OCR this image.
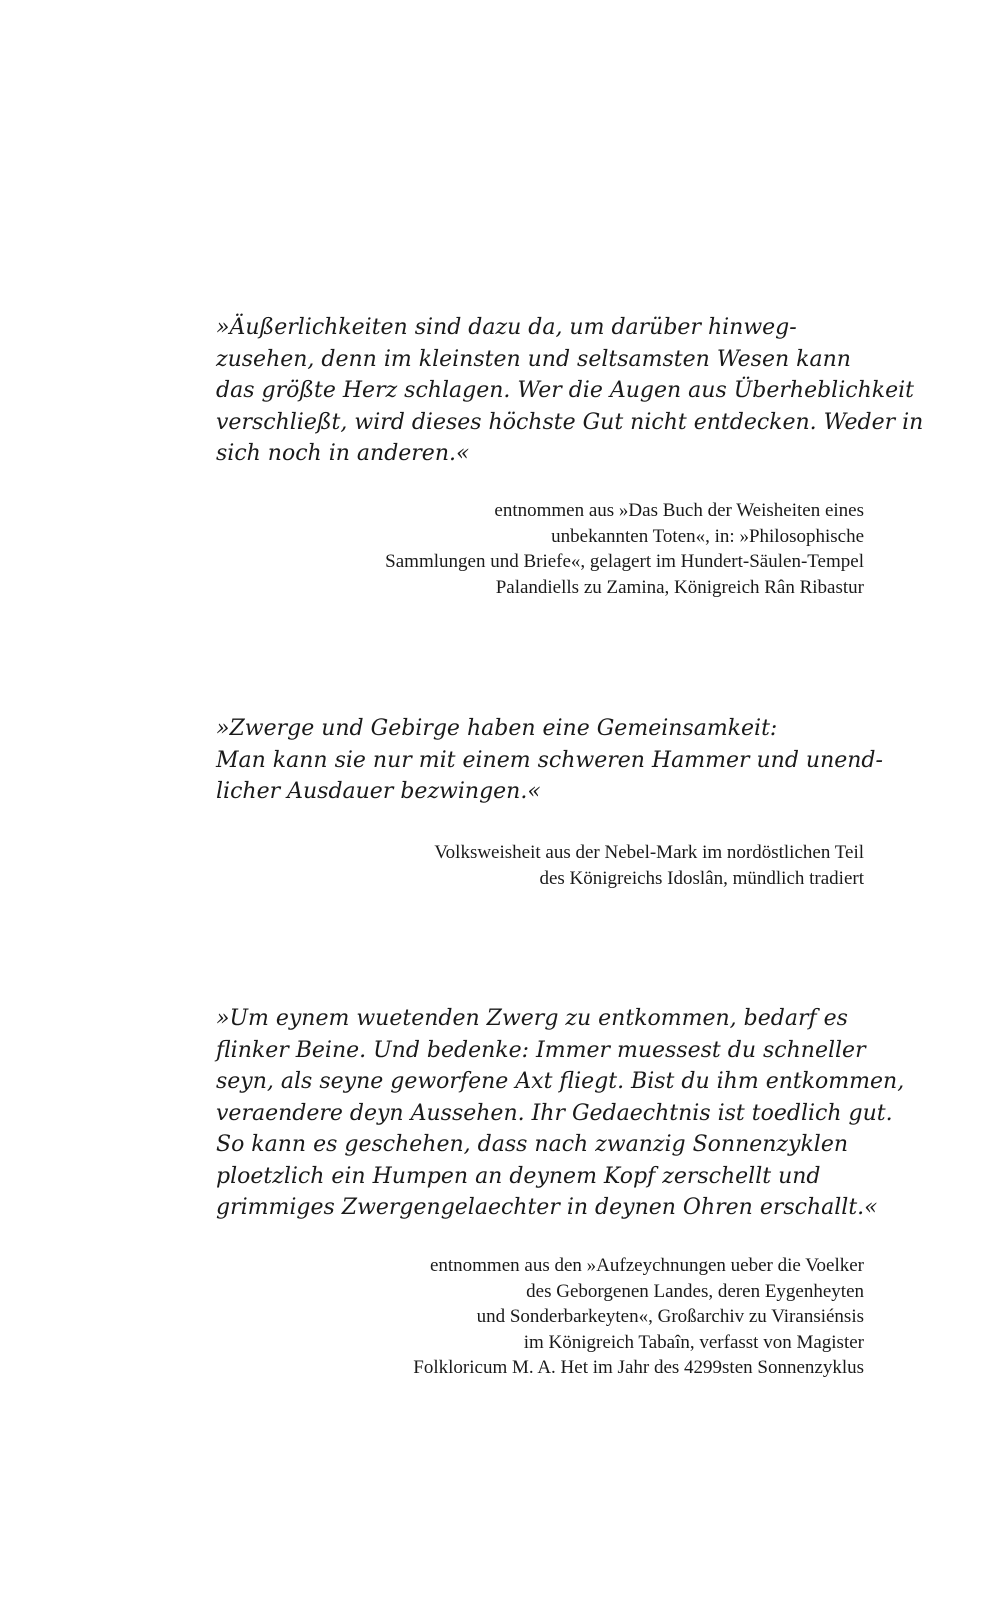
»Äußerlichkeiten sind dazu da, um darüber hinweg-
zusehen, denn im kleinsten und seltsamsten Wesen kann
das größte Herz schlagen. Wer die Augen aus Überheblichkeit
verschließt, wird dieses höchste Gut nicht entdecken. Weder in
sich noch in anderen.«
entnommen aus »Das Buch der Weisheiten eines
unbekannten Toten«, in: »Philosophische
Sammlungen und Briefe«, gelagert im Hundert-Säulen-Tempel
Palandiells zu Zamina, Königreich Rân Ribastur
»Zwerge und Gebirge haben eine Gemeinsamkeit:
Man kann sie nur mit einem schweren Hammer und unend-
licher Ausdauer bezwingen.«
Volksweisheit aus der Nebel-Mark im nordöstlichen Teil
des Königreichs Idoslân, mündlich tradiert
»Um eynem wuetenden Zwerg zu entkommen, bedarf es
flinker Beine. Und bedenke: Immer muessest du schneller
seyn, als seyne geworfene Axt fliegt. Bist du ihm entkommen,
veraendere deyn Aussehen. Ihr Gedaechtnis ist toedlich gut.
So kann es geschehen, dass nach zwanzig Sonnenzyklen
ploetzlich ein Humpen an deynem Kopf zerschellt und
grimmiges Zwergengelaechter in deynen Ohren erschallt.«
entnommen aus den »Aufzeychnungen ueber die Voelker
des Geborgenen Landes, deren Eygenheyten
und Sonderbarkeyten«, Großarchiv zu Viransiénsis
im Königreich Tabaîn, verfasst von Magister
Folkloricum M. A. Het im Jahr des 4299sten Sonnenzyklus
